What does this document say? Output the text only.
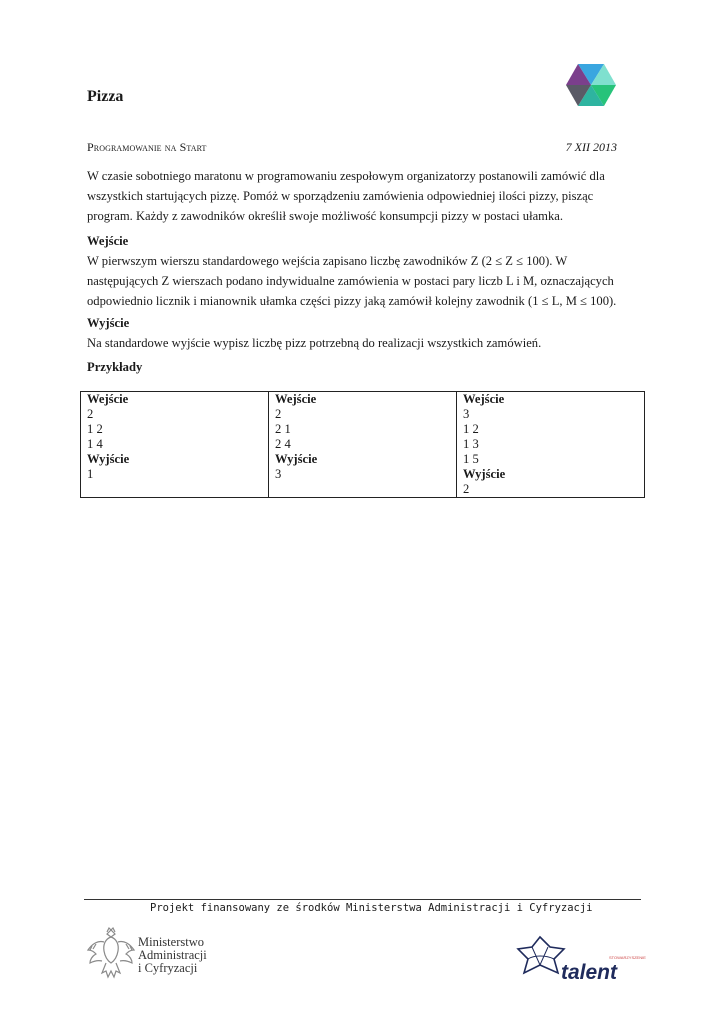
Pizza
Programowanie na Start	7 XII 2013
W czasie sobotniego maratonu w programowaniu zespołowym organizatorzy postanowili zamówić dla wszystkich startujących pizzę. Pomóż w sporządzeniu zamówienia odpowiedniej ilości pizzy, pisząc program. Każdy z zawodników określił swoje możliwość konsumpcji pizzy w postaci ułamka.
Wejście
W pierwszym wierszu standardowego wejścia zapisano liczbę zawodników Z (2 ≤ Z ≤ 100). W następujących Z wierszach podano indywidualne zamówienia w postaci pary liczb L i M, oznaczających odpowiednio licznik i mianownik ułamka części pizzy jaką zamówił kolejny zawodnik (1 ≤ L, M ≤ 100).
Wyjście
Na standardowe wyjście wypisz liczbę pizz potrzebną do realizacji wszystkich zamówień.
Przykłady
Wejście
2
1 2
1 4
Wyjście
1

Wejście
2
2 1
2 4
Wyjście
3

Wejście
3
1 2
1 3
1 5
Wyjście
2
Projekt finansowany ze środków Ministerstwa Administracji i Cyfryzacji
Ministerstwo
Administracji
i Cyfryzacji
STOWARZYSZENIE
talent
